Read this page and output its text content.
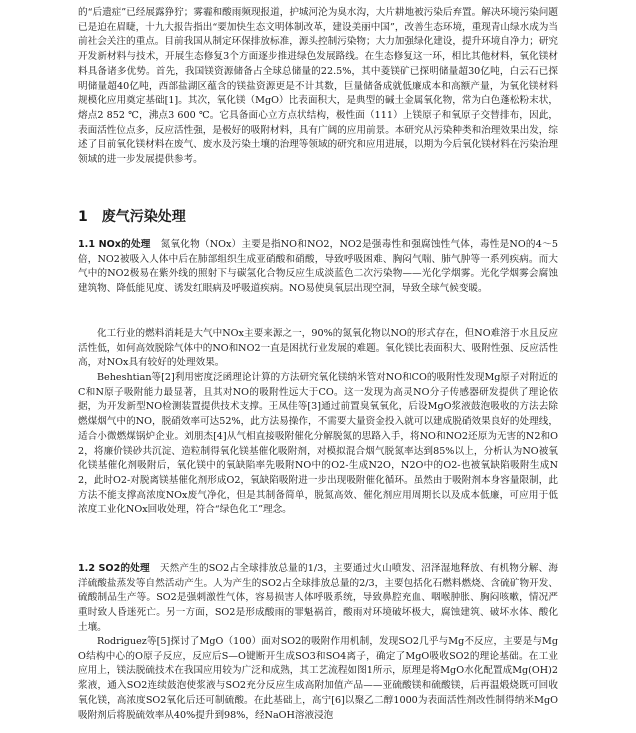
的“后遗症”已经展露狰狞；雾霾和酸雨频现报道，护城河沦为臭水沟，大片耕地被污染后弃置。解决环境污染问题已是迫在眉睫，十九大报告指出“要加快生态文明体制改革，建设美丽中国”，改善生态环境，重现青山绿水成为当前社会关注的重点。目前我国从制定环保排放标准，源头控制污染物；大力加强绿化建设，提升环境自净力；研究开发新材料与技术，开展生态修复3个方面逐步推进绿色发展路线。在生态修复这一环，相比其他材料，氧化镁材料具备诸多优势。首先，我国镁资源储备占全球总储量的22.5%，其中菱镁矿已探明储量超30亿吨，白云石已探明储量超40亿吨，西部盐湖区蕴含的镁盐资源更是不计其数，巨量储备成就低廉成本和高额产量，为氧化镁材料规模化应用奠定基础[1]。其次，氧化镁（MgO）比表面积大，是典型的碱土金属氧化物，常为白色蓬松粉末状，熔点2 852 ℃，沸点3 600 ℃。它具备面心立方点状结构，极性面（111）上镁原子和氧原子交替排布，因此，表面活性位点多，反应活性强，是极好的吸附材料，具有广阔的应用前景。本研究从污染种类和治理效果出发，综述了目前氧化镁材料在废气、废水及污染土壤的治理等领域的研究和应用进展，以期为今后氧化镁材料在污染治理领域的进一步发展提供参考。

1 废气污染处理

1.1 NOx的处理 氮氧化物（NOx）主要是指NO和NO2，NO2是强毒性和强腐蚀性气体，毒性是NO的4～5倍，NO2被吸入人体中后在肺部组织生成亚硝酸和硝酸，导致呼吸困难、胸闷气喘、肺气肿等一系列疾病。而大气中的NO2极易在紫外线的照射下与碳氢化合物反应生成淡蓝色二次污染物——光化学烟雾。光化学烟雾会腐蚀建筑物、降低能见度、诱发红眼病及呼吸道疾病。NO易使臭氧层出现空洞，导致全球气候变暖。

化工行业的燃料消耗是大气中NOx主要来源之一，90%的氮氧化物以NO的形式存在，但NO难溶于水且反应活性低，如何高效脱除气体中的NO和NO2一直是困扰行业发展的难题。氧化镁比表面积大、吸附性强、反应活性高，对NOx具有较好的处理效果。

Beheshtian等[2]利用密度泛函理论计算的方法研究氧化镁纳米管对NO和CO的吸附性发现Mg原子对附近的C和N原子吸附能力最显著，且其对NO的吸附性远大于CO。这一发现为高灵NO分子传感器研发提供了理论依据，为开发新型NO检测装置提供技术支撑。王凤佳等[3]通过前置臭氧氧化，后设MgO浆液鼓泡吸收的方法去除燃煤烟气中的NO，脱硝效率可达52%，此方法易操作，不需要大量资金投入就可以建成脱硝效果良好的处理线，适合小微燃煤锅炉企业。刘朋杰[4]从气相直接吸附催化分解脱氮的思路入手，将NO和NO2还原为无害的N2和O2，将廉价镁砂共沉淀、造粒制得氧化镁基催化吸附剂，对模拟混合烟气脱氮率达到85%以上，分析认为NO被氧化镁基催化剂吸附后，氧化镁中的氧缺陷率先吸附NO中的O2-生成N2O，N2O中的O2-也被氧缺陷吸附生成N2，此时O2-对脱离镁基催化剂形成O2，氧缺陷吸附进一步出现吸附催化循环。虽然由于吸附剂本身容量限制，此方法不能支撑高浓度NOx废气净化，但是其制备简单，脱氮高效、催化剂应用周期长以及成本低廉，可应用于低浓度工业化NOx回收处理，符合“绿色化工”理念。

1.2 SO2的处理 天然产生的SO2占全球排放总量的1/3，主要通过火山喷发、沼泽湿地释放、有机物分解、海洋硫酸盐蒸发等自然活动产生。人为产生的SO2占全球排放总量的2/3，主要包括化石燃料燃烧、含硫矿物开发、硫酸制品生产等。SO2是强刺激性气体，容易损害人体呼吸系统，导致鼻腔充血、咽喉肿胀、胸闷咳嗽，情况严重时致人昏迷死亡。另一方面，SO2是形成酸雨的罪魁祸首，酸雨对环境破坏极大，腐蚀建筑、破坏水体、酸化土壤。

Rodriguez等[5]探讨了MgO（100）面对SO2的吸附作用机制，发现SO2几乎与Mg不反应，主要是与MgO结构中心的O原子反应，反应后S—O键断开生成SO3和SO4离子，确定了MgO吸收SO2的理论基础。在工业应用上，镁法脱硫技术在我国应用较为广泛和成熟，其工艺流程如图1所示，原理是将MgO水化配置成Mg(OH)2浆液，通入SO2连续鼓泡使浆液与SO2充分反应生成高附加值产品——亚硫酸镁和硫酸镁，后再温煅烧既可回收氧化镁，高浓度SO2氧化后还可制硫酸。在此基础上，高宁[6]以聚乙二醇1000为表面活性剂改性制得纳米MgO吸附剂后将脱硫效率从40%提升到98%，经NaOH溶液浸泡
